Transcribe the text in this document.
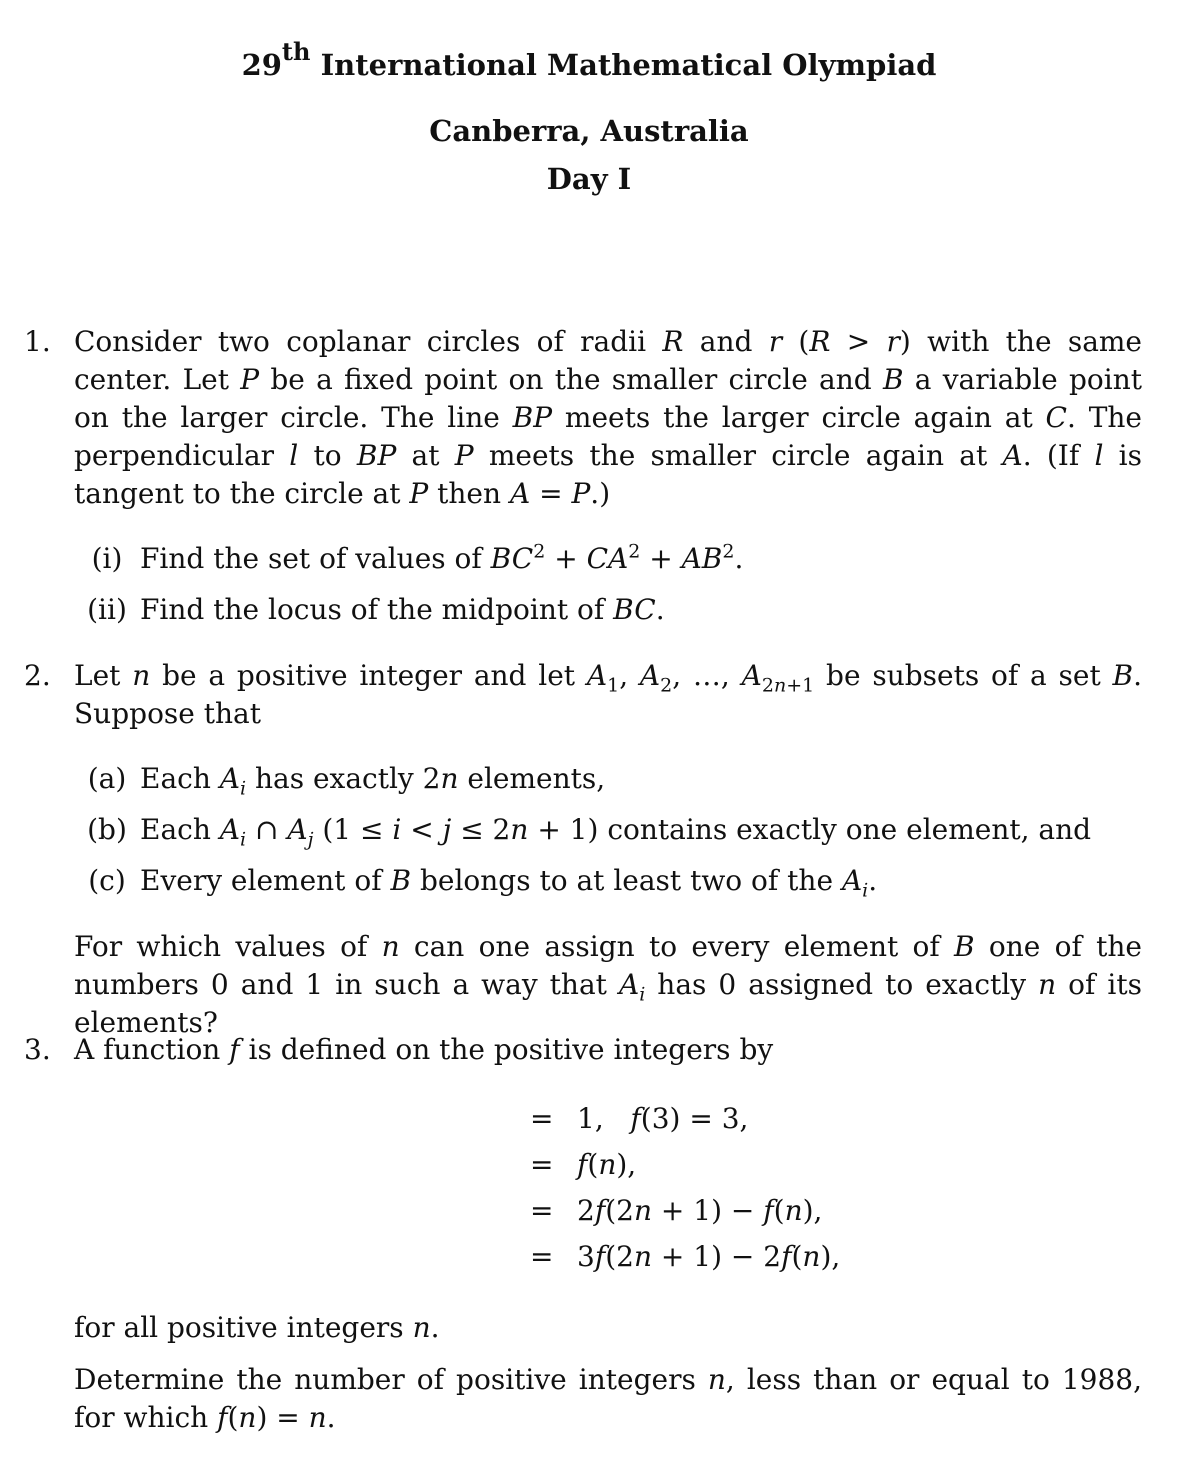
29th International Mathematical Olympiad
Canberra, Australia
Day I
1. Consider two coplanar circles of radii R and r (R > r) with the same center. Let P be a fixed point on the smaller circle and B a variable point on the larger circle. The line BP meets the larger circle again at C. The perpendicular l to BP at P meets the smaller circle again at A. (If l is tangent to the circle at P then A = P.)
(i) Find the set of values of $BC^2 + CA^2 + AB^2$.
(ii) Find the locus of the midpoint of BC.
2. Let n be a positive integer and let $A_1$, $A_2$, …, $A_{2n+1}$ be subsets of a set B. Suppose that
(a) Each $A_i$ has exactly 2n elements,
(b) Each $A_i$ ∩ $A_j$ (1 ≤ i < j ≤ 2n + 1) contains exactly one element, and
(c) Every element of B belongs to at least two of the $A_i$.
For which values of n can one assign to every element of B one of the numbers 0 and 1 in such a way that $A_i$ has 0 assigned to exactly n of its elements?
3. A function f is defined on the positive integers by
= 1,   f(3) = 3,
= f(n),
= 2f(2n + 1) − f(n),
= 3f(2n + 1) − 2f(n),
for all positive integers n.
Determine the number of positive integers n, less than or equal to 1988, for which f(n) = n.
